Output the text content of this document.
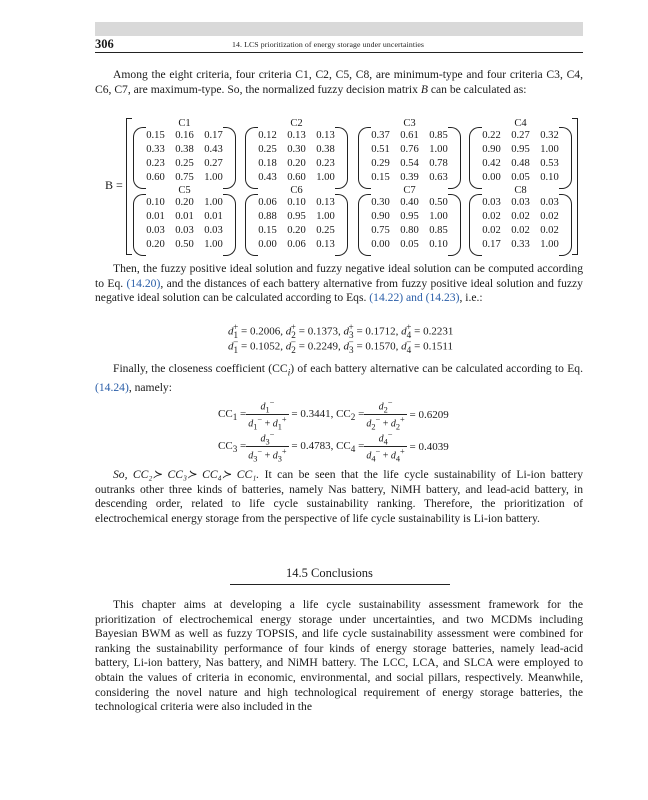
306	14. LCS prioritization of energy storage under uncertainties

Among the eight criteria, four criteria C1, C2, C5, C8, are minimum-type and four criteria C3, C4, C6, C7, are maximum-type. So, the normalized fuzzy decision matrix B can be calculated as:

B =
C1
0.15 0.16 0.17
0.33 0.38 0.43
0.23 0.25 0.27
0.60 0.75 1.00
C2
0.12 0.13 0.13
0.25 0.30 0.38
0.18 0.20 0.23
0.43 0.60 1.00
C3
0.37 0.61 0.85
0.51 0.76 1.00
0.29 0.54 0.78
0.15 0.39 0.63
C4
0.22 0.27 0.32
0.90 0.95 1.00
0.42 0.48 0.53
0.00 0.05 0.10
C5
0.10 0.20 1.00
0.01 0.01 0.01
0.03 0.03 0.03
0.20 0.50 1.00
C6
0.06 0.10 0.13
0.88 0.95 1.00
0.15 0.20 0.25
0.00 0.06 0.13
C7
0.30 0.40 0.50
0.90 0.95 1.00
0.75 0.80 0.85
0.00 0.05 0.10
C8
0.03 0.03 0.03
0.02 0.02 0.02
0.02 0.02 0.02
0.17 0.33 1.00

Then, the fuzzy positive ideal solution and fuzzy negative ideal solution can be computed according to Eq. (14.20), and the distances of each battery alternative from fuzzy positive ideal solution and fuzzy negative ideal solution can be calculated according to Eqs. (14.22) and (14.23), i.e.:

$d_1^+ = 0.2006$, $d_2^+ = 0.1373$, $d_3^+ = 0.1712$, $d_4^+ = 0.2231$
$d_1^- = 0.1052$, $d_2^- = 0.2249$, $d_3^- = 0.1570$, $d_4^- = 0.1511$

Finally, the closeness coefficient $(CC_i)$ of each battery alternative can be calculated according to Eq. (14.24), namely:

$CC_1 = \frac{d_1^-}{d_1^- + d_1^+} = 0.3441$, $CC_2 = \frac{d_2^-}{d_2^- + d_2^+} = 0.6209$
$CC_3 = \frac{d_3^-}{d_3^- + d_3^+} = 0.4783$, $CC_4 = \frac{d_4^-}{d_4^- + d_4^+} = 0.4039$

So, CC₂≻ CC₃≻ CC₄≻ CC₁. It can be seen that the life cycle sustainability of Li-ion battery outranks other three kinds of batteries, namely Nas battery, NiMH battery, and lead-acid battery, in descending order, related to life cycle sustainability ranking. Therefore, the prioritization of electrochemical energy storage from the perspective of life cycle sustainability is Li-ion battery.

14.5 Conclusions

This chapter aims at developing a life cycle sustainability assessment framework for the prioritization of electrochemical energy storage under uncertainties, and two MCDMs including Bayesian BWM as well as fuzzy TOPSIS, and life cycle sustainability assessment were combined for ranking the sustainability performance of four kinds of energy storage batteries, namely lead-acid battery, Li-ion battery, Nas battery, and NiMH battery. The LCC, LCA, and SLCA were employed to obtain the values of criteria in economic, environmental, and social pillars, respectively. Meanwhile, considering the novel nature and high technological requirement of energy storage batteries, the technological criteria were also included in the
